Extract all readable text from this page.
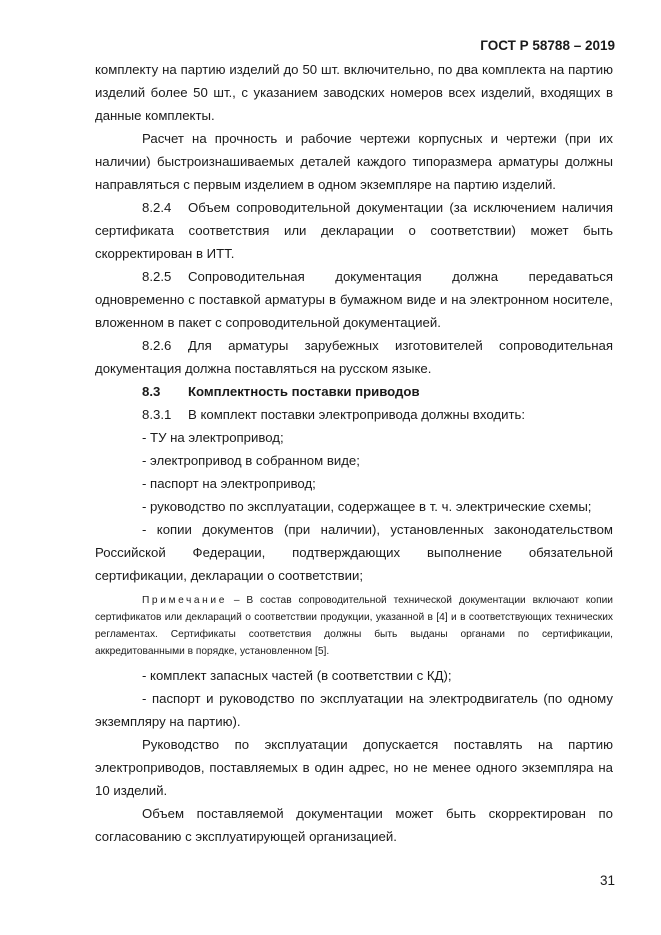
ГОСТ Р 58788 – 2019

комплекту на партию изделий до 50 шт. включительно, по два комплекта на партию изделий более 50 шт., с указанием заводских номеров всех изделий, входящих в данные комплекты.

Расчет на прочность и рабочие чертежи корпусных и чертежи (при их наличии) быстроизнашиваемых деталей каждого типоразмера арматуры должны направляться с первым изделием в одном экземпляре на партию изделий.

8.2.4 Объем сопроводительной документации (за исключением наличия сертификата соответствия или декларации о соответствии) может быть скорректирован в ИТТ.

8.2.5 Сопроводительная документация должна передаваться одновременно с поставкой арматуры в бумажном виде и на электронном носителе, вложенном в пакет с сопроводительной документацией.

8.2.6 Для арматуры зарубежных изготовителей сопроводительная документация должна поставляться на русском языке.

8.3 Комплектность поставки приводов

8.3.1 В комплект поставки электропривода должны входить:

- ТУ на электропривод;

- электропривод в собранном виде;

- паспорт на электропривод;

- руководство по эксплуатации, содержащее в т. ч. электрические схемы;

- копии документов (при наличии), установленных законодательством Российской Федерации, подтверждающих выполнение обязательной сертификации, декларации о соответствии;

Примечание – В состав сопроводительной технической документации включают копии сертификатов или деклараций о соответствии продукции, указанной в [4] и в соответствующих технических регламентах. Сертификаты соответствия должны быть выданы органами по сертификации, аккредитованными в порядке, установленном [5].

- комплект запасных частей (в соответствии с КД);

- паспорт и руководство по эксплуатации на электродвигатель (по одному экземпляру на партию).

Руководство по эксплуатации допускается поставлять на партию электроприводов, поставляемых в один адрес, но не менее одного экземпляра на 10 изделий.

Объем поставляемой документации может быть скорректирован по согласованию с эксплуатирующей организацией.

31
